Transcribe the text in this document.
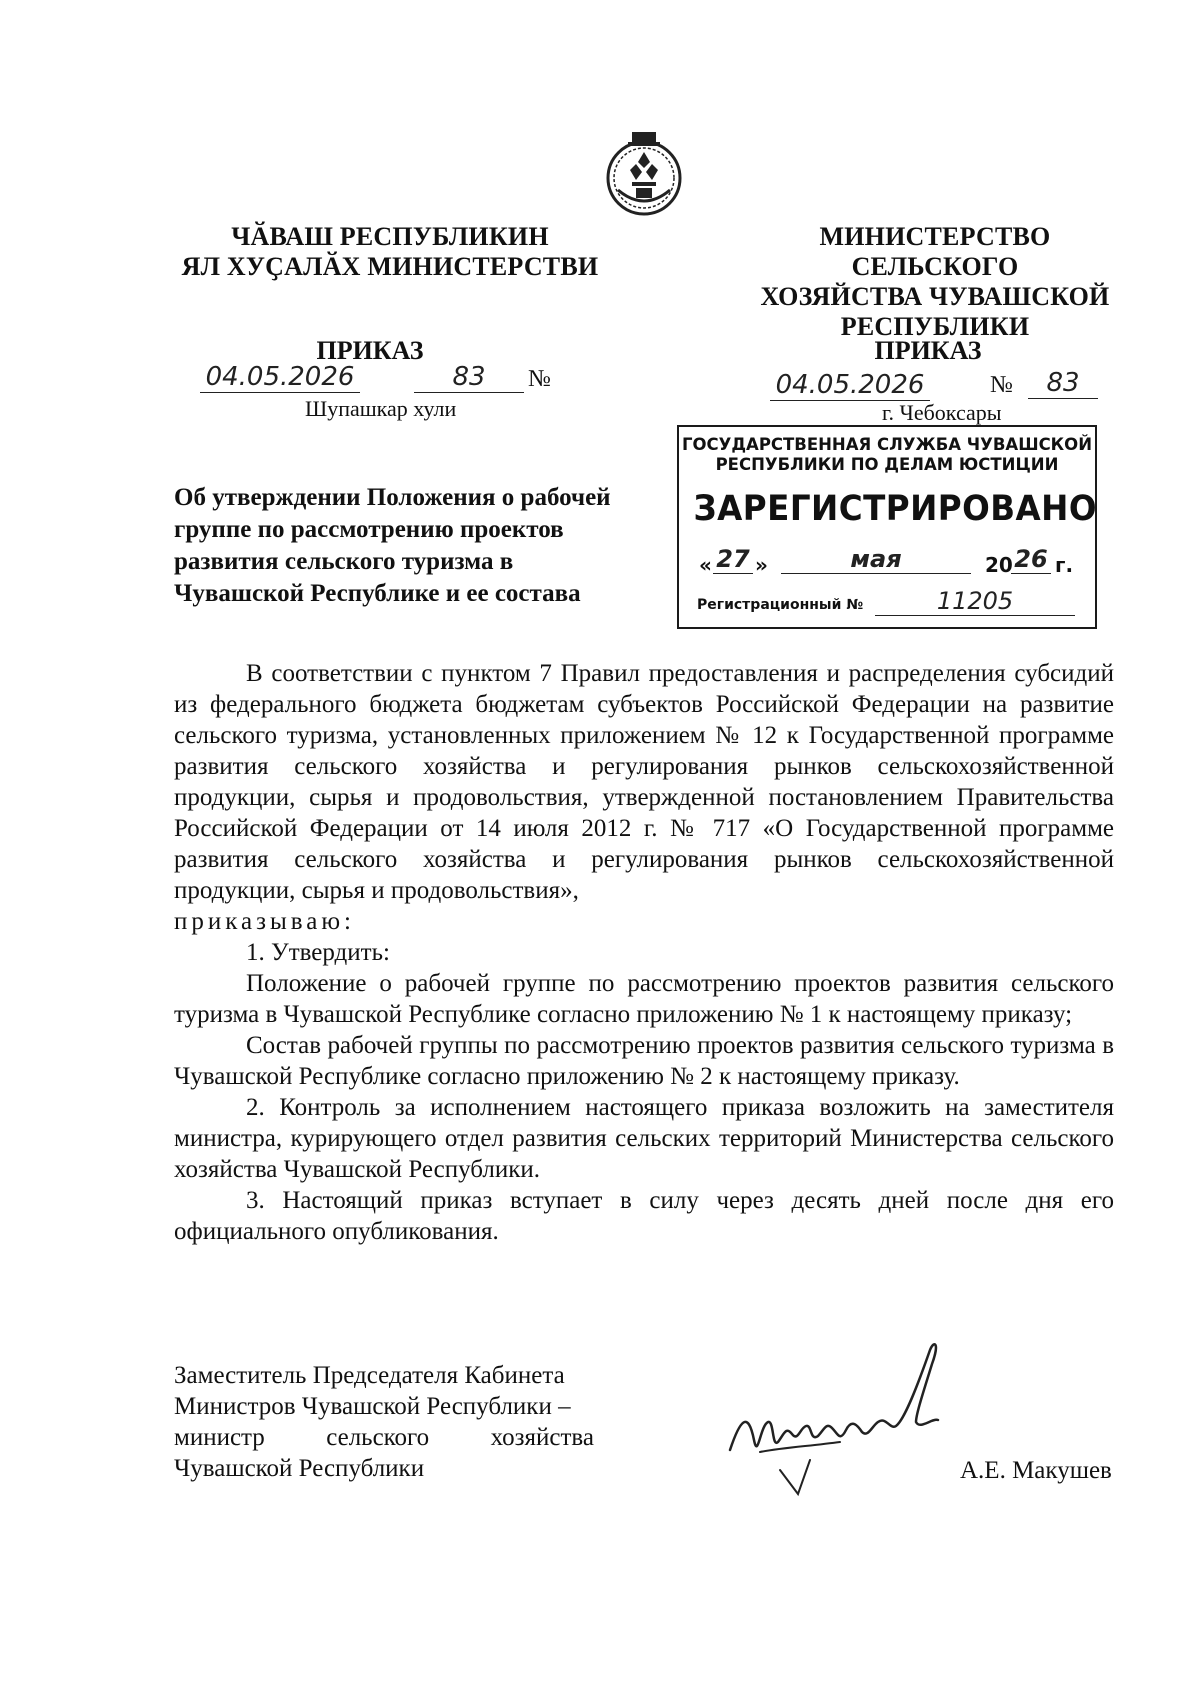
ЧӐВАШ РЕСПУБЛИКИН
ЯЛ ХУҪАЛӐХ МИНИСТЕРСТВИ
МИНИСТЕРСТВО СЕЛЬСКОГО
ХОЗЯЙСТВА ЧУВАШСКОЙ
РЕСПУБЛИКИ
ПРИКАЗ
04.05.2026	83	№
Шупашкар хули
ПРИКАЗ
04.05.2026	№	83
г. Чебоксары
ГОСУДАРСТВЕННАЯ СЛУЖБА ЧУВАШСКОЙ
РЕСПУБЛИКИ ПО ДЕЛАМ ЮСТИЦИИ
ЗАРЕГИСТРИРОВАНО
« 27 »	мая	20 26 г.
Регистрационный №	11205
Об утверждении Положения о рабочей
группе по рассмотрению проектов
развития сельского туризма в
Чувашской Республике и ее состава

В соответствии с пунктом 7 Правил предоставления и распределения субсидий из федерального бюджета бюджетам субъектов Российской Федерации на развитие сельского туризма, установленных приложением № 12 к Государственной программе развития сельского хозяйства и регулирования рынков сельскохозяйственной продукции, сырья и продовольствия, утвержденной постановлением Правительства Российской Федерации от 14 июля 2012 г. № 717 «О Государственной программе развития сельского хозяйства и регулирования рынков сельскохозяйственной продукции, сырья и продовольствия»,

приказываю:

1. Утвердить:

Положение о рабочей группе по рассмотрению проектов развития сельского туризма в Чувашской Республике согласно приложению № 1 к настоящему приказу;

Состав рабочей группы по рассмотрению проектов развития сельского туризма в Чувашской Республике согласно приложению № 2 к настоящему приказу.

2. Контроль за исполнением настоящего приказа возложить на заместителя министра, курирующего отдел развития сельских территорий Министерства сельского хозяйства Чувашской Республики.

3. Настоящий приказ вступает в силу через десять дней после дня его официального опубликования.

Заместитель Председателя Кабинета
Министров Чувашской Республики –
министр сельского хозяйства
Чувашской Республики	А.Е. Макушев
